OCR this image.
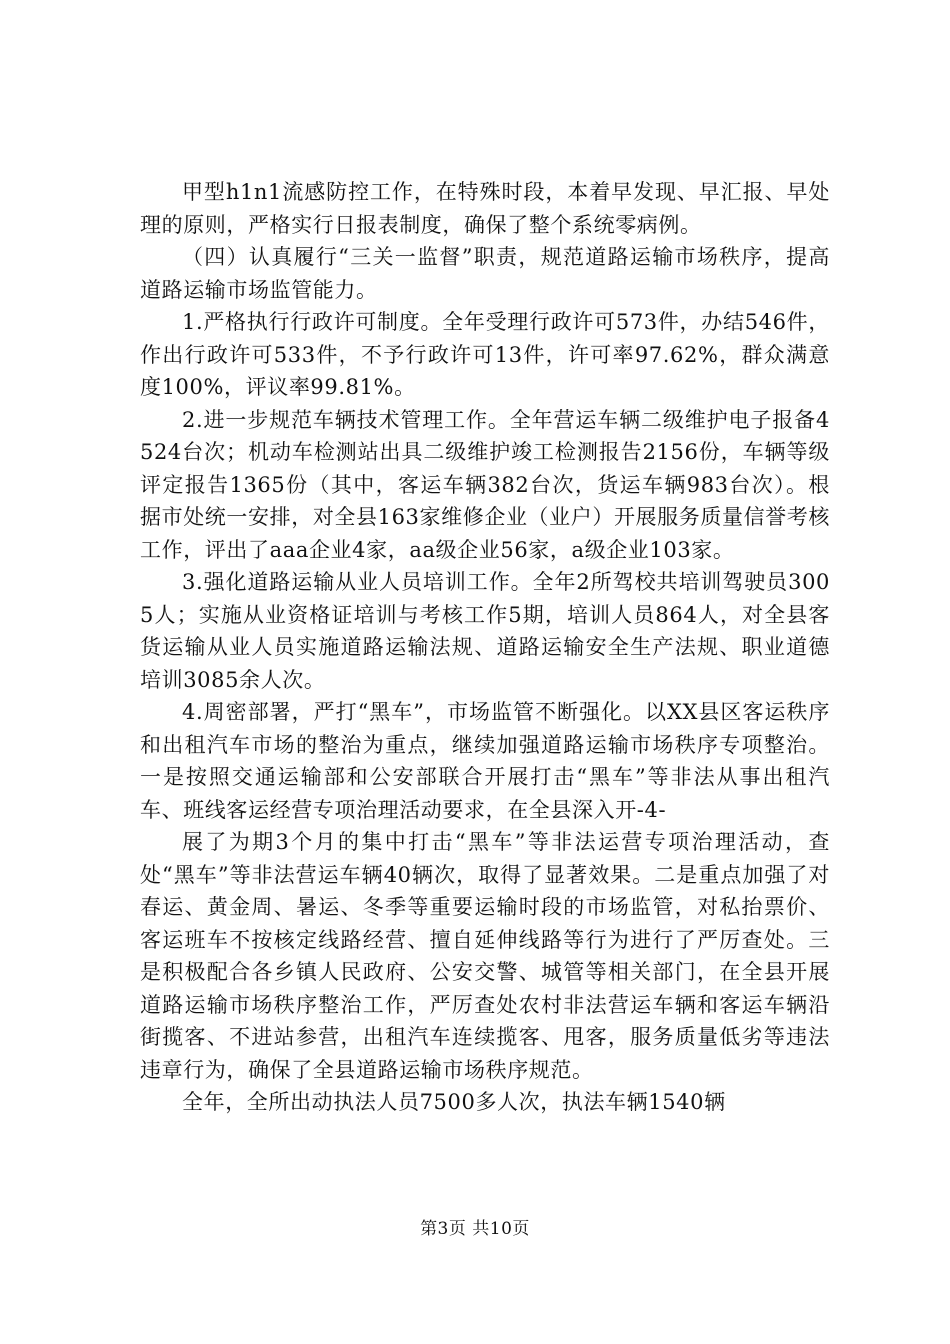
甲型h1n1流感防控工作，在特殊时段，本着早发现、早汇报、早处理的原则，严格实行日报表制度，确保了整个系统零病例。

（四）认真履行“三关一监督”职责，规范道路运输市场秩序，提高道路运输市场监管能力。

1.严格执行行政许可制度。全年受理行政许可573件，办结546件，作出行政许可533件，不予行政许可13件，许可率97.62%，群众满意度100%，评议率99.81%。

2.进一步规范车辆技术管理工作。全年营运车辆二级维护电子报备4524台次；机动车检测站出具二级维护竣工检测报告2156份，车辆等级评定报告1365份（其中，客运车辆382台次，货运车辆983台次）。根据市处统一安排，对全县163家维修企业（业户）开展服务质量信誉考核工作，评出了aaa企业4家，aa级企业56家，a级企业103家。

3.强化道路运输从业人员培训工作。全年2所驾校共培训驾驶员3005人；实施从业资格证培训与考核工作5期，培训人员864人，对全县客货运输从业人员实施道路运输法规、道路运输安全生产法规、职业道德培训3085余人次。

4.周密部署，严打“黑车”，市场监管不断强化。以XX县区客运秩序和出租汽车市场的整治为重点，继续加强道路运输市场秩序专项整治。一是按照交通运输部和公安部联合开展打击“黑车”等非法从事出租汽车、班线客运经营专项治理活动要求，在全县深入开-4-

展了为期3个月的集中打击“黑车”等非法运营专项治理活动，查处“黑车”等非法营运车辆40辆次，取得了显著效果。二是重点加强了对春运、黄金周、暑运、冬季等重要运输时段的市场监管，对私抬票价、客运班车不按核定线路经营、擅自延伸线路等行为进行了严厉查处。三是积极配合各乡镇人民政府、公安交警、城管等相关部门，在全县开展道路运输市场秩序整治工作，严厉查处农村非法营运车辆和客运车辆沿街揽客、不进站参营，出租汽车连续揽客、甩客，服务质量低劣等违法违章行为，确保了全县道路运输市场秩序规范。

全年，全所出动执法人员7500多人次，执法车辆1540辆

第3页 共10页
